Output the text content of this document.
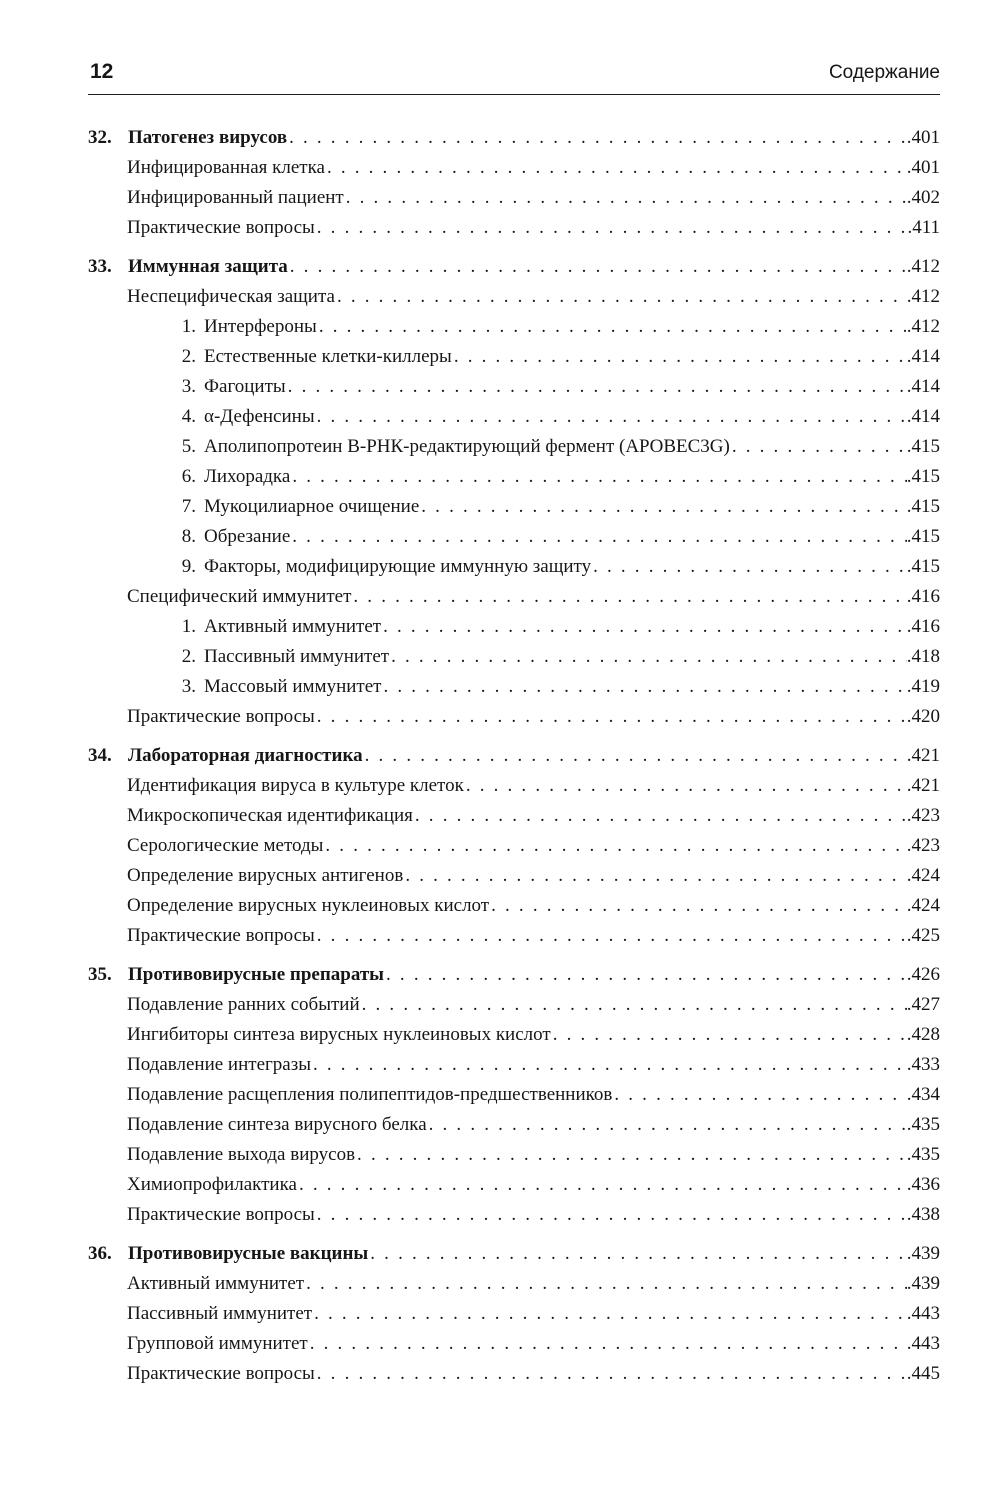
12	Содержание
32. Патогенез вирусов . . .	.401
Инфицированная клетка . . .	.401
Инфицированный пациент . . .	.402
Практические вопросы . . .	.411
33. Иммунная защита . . .	.412
Неспецифическая защита . . .	.412
1. Интерфероны . . .	.412
2. Естественные клетки-киллеры . . .	.414
3. Фагоциты . . .	.414
4. α-Дефенсины . . .	.414
5. Аполипопротеин В-РНК-редактирующий фермент (APOBEC3G) . . .	.415
6. Лихорадка . . .	.415
7. Мукоцилиарное очищение . . .	.415
8. Обрезание . . .	.415
9. Факторы, модифицирующие иммунную защиту . . .	.415
Специфический иммунитет . . .	.416
1. Активный иммунитет . . .	.416
2. Пассивный иммунитет . . .	.418
3. Массовый иммунитет . . .	.419
Практические вопросы . . .	.420
34. Лабораторная диагностика . . .	.421
Идентификация вируса в культуре клеток . . .	.421
Микроскопическая идентификация . . .	.423
Серологические методы . . .	.423
Определение вирусных антигенов . . .	.424
Определение вирусных нуклеиновых кислот . . .	.424
Практические вопросы . . .	.425
35. Противовирусные препараты . . .	.426
Подавление ранних событий . . .	.427
Ингибиторы синтеза вирусных нуклеиновых кислот . . .	.428
Подавление интегразы . . .	.433
Подавление расщепления полипептидов-предшественников . . .	.434
Подавление синтеза вирусного белка . . .	.435
Подавление выхода вирусов . . .	.435
Химиопрофилактика . . .	.436
Практические вопросы . . .	.438
36. Противовирусные вакцины . . .	.439
Активный иммунитет . . .	.439
Пассивный иммунитет . . .	.443
Групповой иммунитет . . .	.443
Практические вопросы . . .	.445
